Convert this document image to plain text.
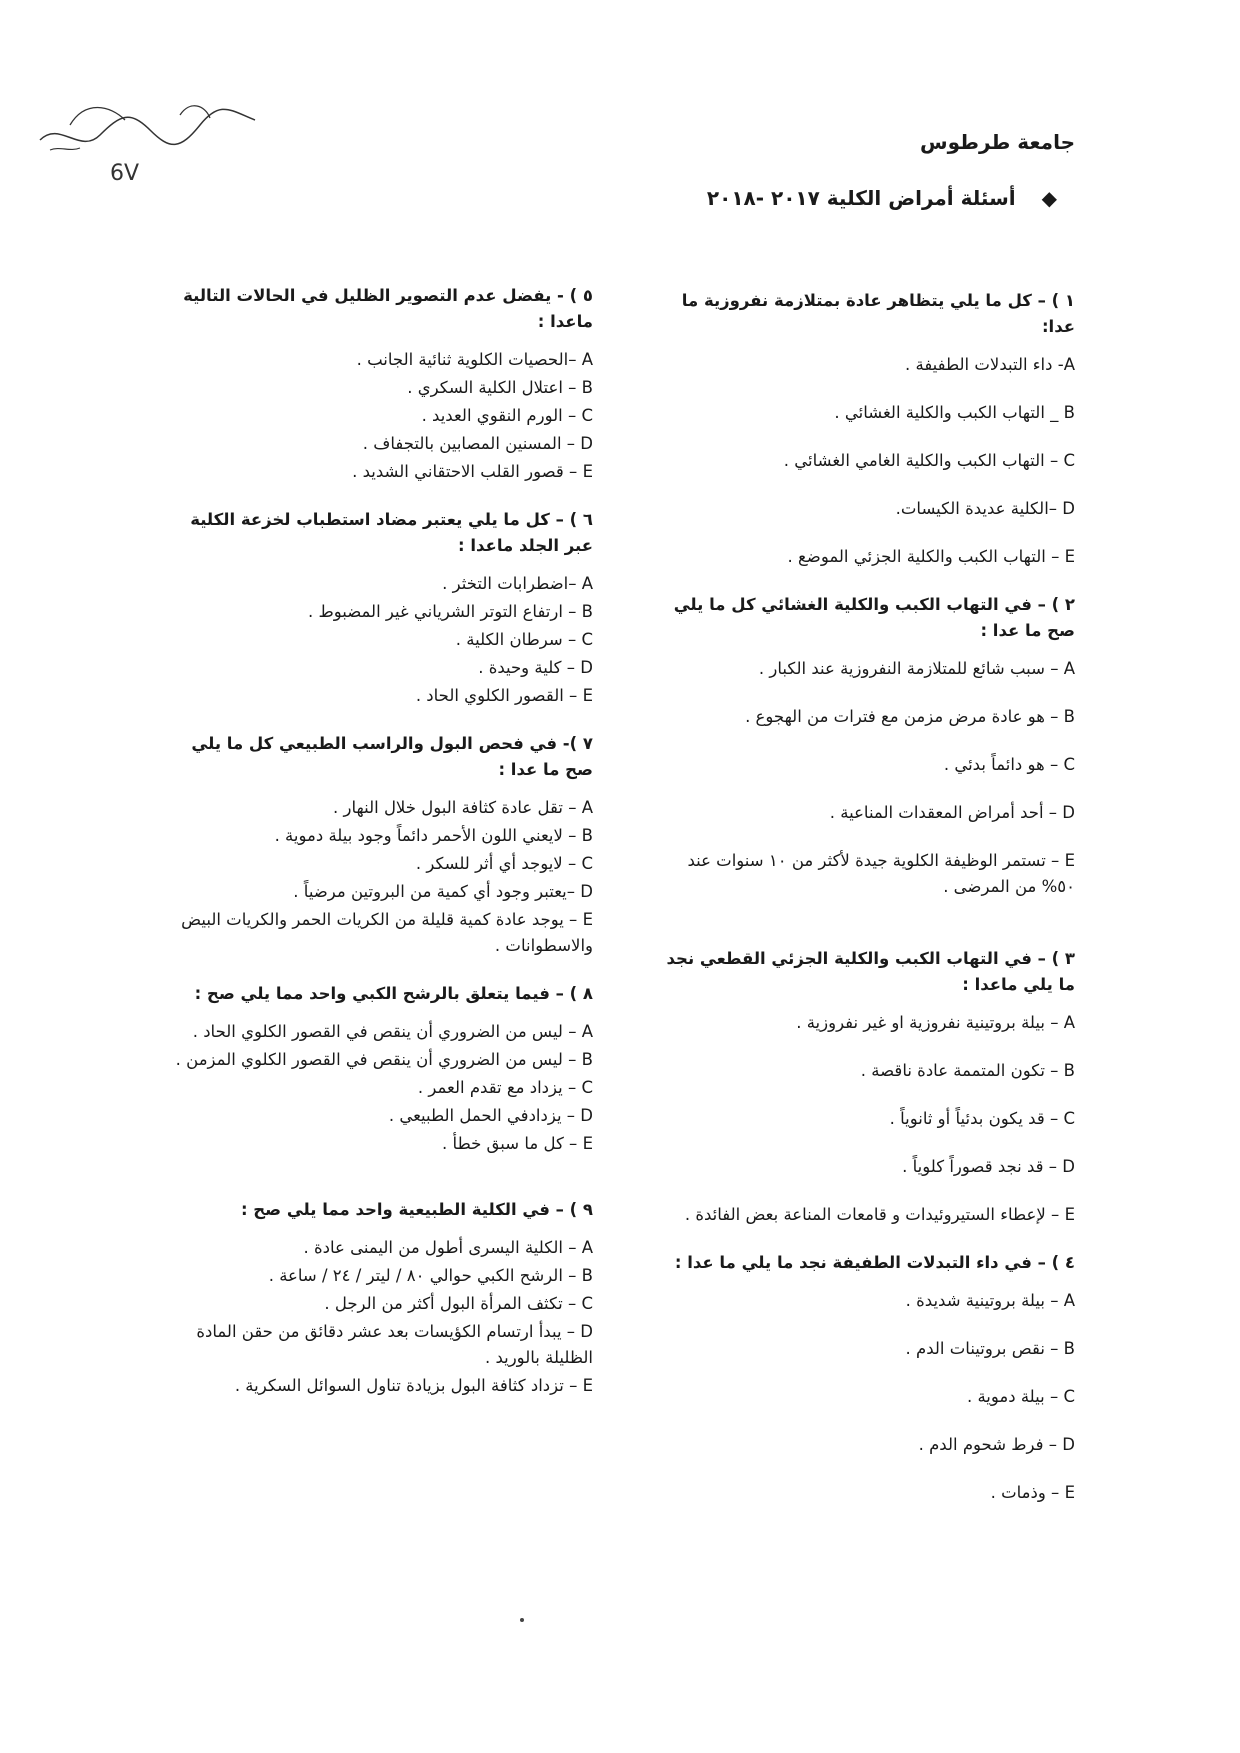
6V
جامعة طرطوس
◆أسئلة أمراض الكلية ٢٠١٧ -٢٠١٨
١ ) – كل ما يلي يتظاهر عادة بمتلازمة نفروزية ما عدا:
A- داء التبدلات الطفيفة .
B _ التهاب الكبب والكلية الغشائي .
C – التهاب الكبب والكلية الغامي الغشائي .
D –الكلية عديدة الكيسات.
E – التهاب الكبب والكلية الجزئي الموضع .
٢ ) – في التهاب الكبب والكلية الغشائي كل ما يلي صح ما عدا :
A – سبب شائع للمتلازمة النفروزية عند الكبار .
B – هو عادة مرض مزمن مع فترات من الهجوع .
C – هو دائماً بدئي .
D – أحد أمراض المعقدات المناعية .
E – تستمر الوظيفة الكلوية جيدة لأكثر من ١٠ سنوات عند ٥٠% من المرضى .
٣ ) – في التهاب الكبب والكلية الجزئي القطعي نجد ما يلي ماعدا :
A – بيلة بروتينية نفروزية او غير نفروزية .
B – تكون المتممة عادة ناقصة .
C – قد يكون بدئياً أو ثانوياً .
D – قد نجد قصوراً كلوياً .
E – لإعطاء الستيروئيدات و قامعات المناعة بعض الفائدة .
٤ ) – في داء التبدلات الطفيفة نجد ما يلي ما عدا :
A – بيلة بروتينية شديدة .
B – نقص بروتينات الدم .
C – بيلة دموية .
D – فرط شحوم الدم .
E – وذمات .
٥ ) - يفضل عدم التصوير الظليل في الحالات التالية ماعدا :
A –الحصيات الكلوية ثنائية الجانب .
B – اعتلال الكلية السكري .
C – الورم النقوي العديد .
D – المسنين المصابين بالتجفاف .
E – قصور القلب الاحتقاني الشديد .
٦ ) – كل ما يلي يعتبر مضاد استطباب لخزعة الكلية عبر الجلد ماعدا :
A –اضطرابات التخثر .
B – ارتفاع التوتر الشرياني غير المضبوط .
C – سرطان الكلية .
D – كلية وحيدة .
E – القصور الكلوي الحاد .
٧ )- في فحص البول والراسب الطبيعي كل ما يلي صح ما عدا :
A – تقل عادة كثافة البول خلال النهار .
B – لايعني اللون الأحمر دائماً وجود بيلة دموية .
C – لايوجد أي أثر للسكر .
D –يعتبر وجود أي كمية من البروتين مرضياً .
E – يوجد عادة كمية قليلة من الكريات الحمر والكريات البيض والاسطوانات .
٨ ) – فيما يتعلق بالرشح الكبي واحد مما يلي صح :
A – ليس من الضروري أن ينقص في القصور الكلوي الحاد .
B – ليس من الضروري أن ينقص في القصور الكلوي المزمن .
C – يزداد مع تقدم العمر .
D – يزدادفي الحمل الطبيعي .
E – كل ما سبق خطأ .
٩ ) – في الكلية الطبيعية واحد مما يلي صح :
A – الكلية اليسرى أطول من اليمنى عادة .
B – الرشح الكبي حوالي ٨٠ / ليتر / ٢٤ / ساعة .
C – تكثف المرأة البول أكثر من الرجل .
D – يبدأ ارتسام الكؤيسات بعد عشر دقائق من حقن المادة الظليلة بالوريد .
E – تزداد كثافة البول بزيادة تناول السوائل السكرية .
